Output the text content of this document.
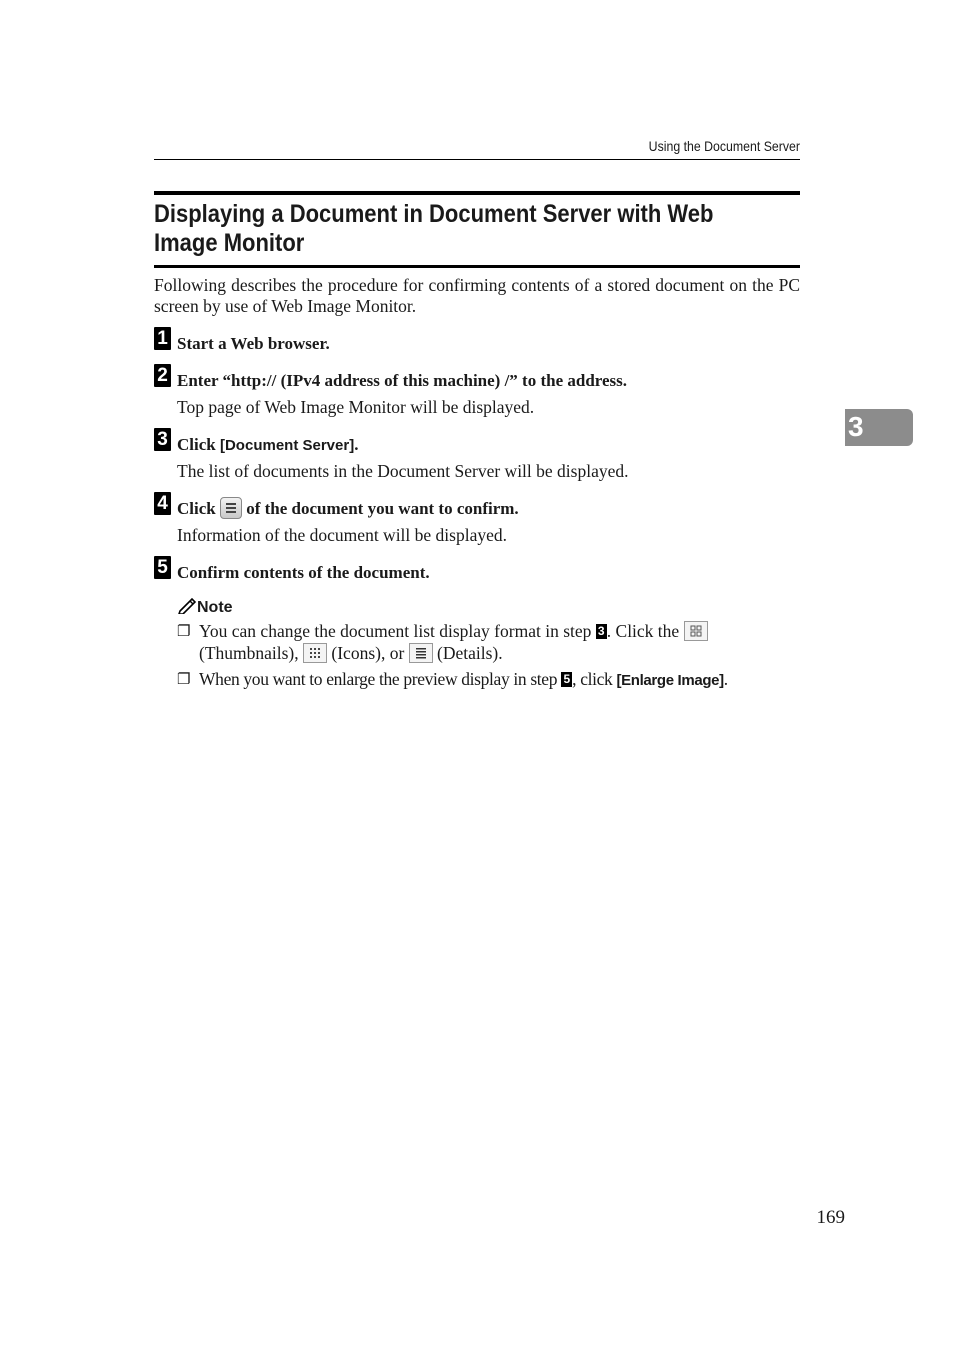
Using the Document Server
Displaying a Document in Document Server with Web Image Monitor
Following describes the procedure for confirming contents of a stored document on the PC screen by use of Web Image Monitor.
1 Start a Web browser.
2 Enter “http:// (IPv4 address of this machine) /” to the address.
Top page of Web Image Monitor will be displayed.
3 Click [Document Server].
The list of documents in the Document Server will be displayed.
4 Click
of the document you want to confirm.
Information of the document will be displayed.
5 Confirm contents of the document.
Note
❐ You can change the document list display format in step 3 . Click the
(Thumbnails),  (Icons), or  (Details).
❐ When you want to enlarge the preview display in step 5 , click [Enlarge Image].
3
169
